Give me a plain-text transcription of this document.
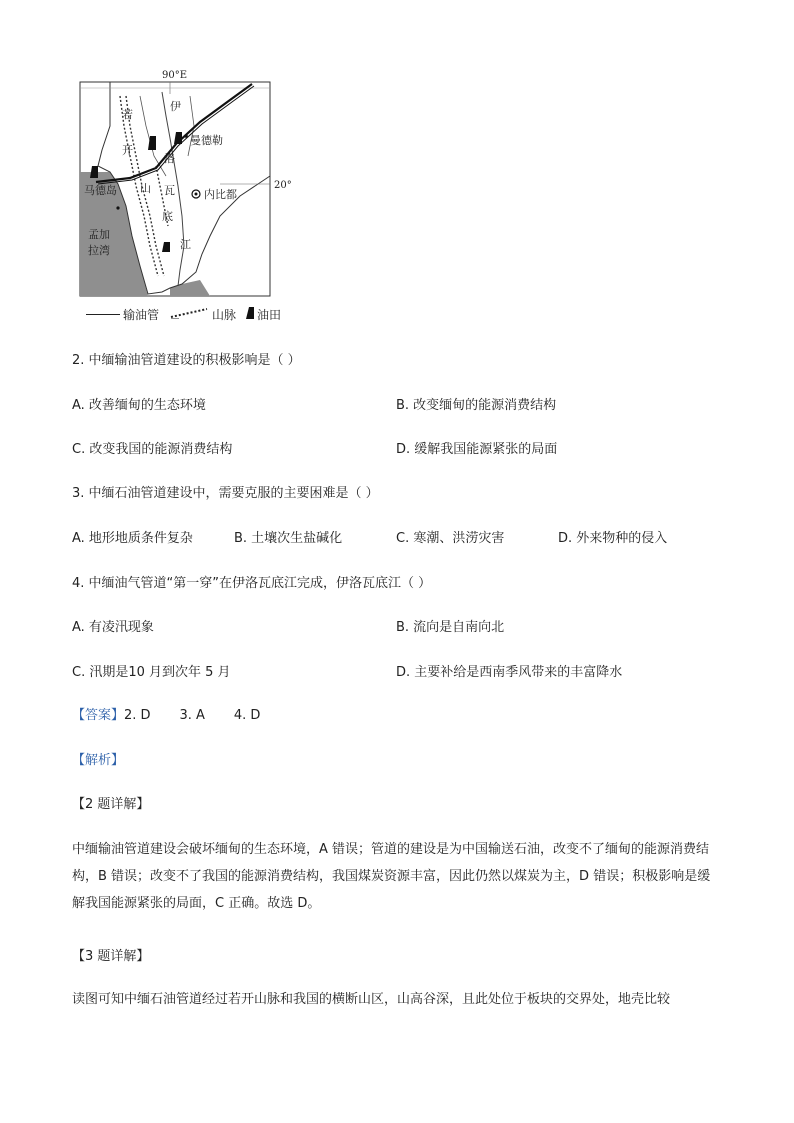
90°E
20°
若
开
山
伊
洛
瓦
底
江
曼德勒
马德岛	内比都
孟加
拉湾
输油管	山脉 油田
2. 中缅输油管道建设的积极影响是（ ）
A. 改善缅甸的生态环境	B. 改变缅甸的能源消费结构
C. 改变我国的能源消费结构	D. 缓解我国能源紧张的局面
3. 中缅石油管道建设中，需要克服的主要困难是（ ）
A. 地形地质条件复杂	B. 土壤次生盐碱化	C. 寒潮、洪涝灾害	D. 外来物种的侵入
4. 中缅油气管道“第一穿”在伊洛瓦底江完成，伊洛瓦底江（ ）
A. 有凌汛现象	B. 流向是自南向北
C. 汛期是10 月到次年 5 月	D. 主要补给是西南季风带来的丰富降水
【答案】2. D       3. A       4. D
【解析】
【2 题详解】
中缅输油管道建设会破坏缅甸的生态环境，A 错误；管道的建设是为中国输送石油，改变不了缅甸的能源消费结构，B 错误；改变不了我国的能源消费结构，我国煤炭资源丰富，因此仍然以煤炭为主，D 错误；积极影响是缓解我国能源紧张的局面，C 正确。故选 D。
【3 题详解】
读图可知中缅石油管道经过若开山脉和我国的横断山区，山高谷深，且此处位于板块的交界处，地壳比较
